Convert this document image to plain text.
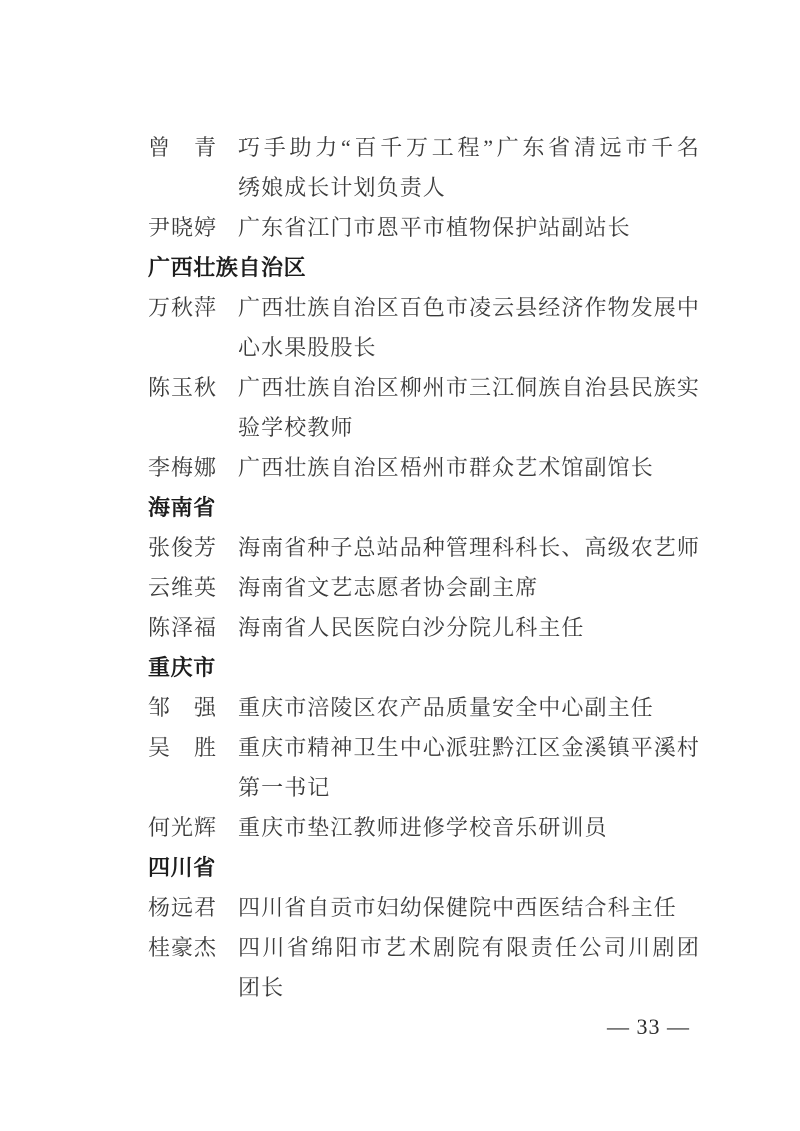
曾　青 巧手助力“百千万工程”广东省清远市千名
绣娘成长计划负责人
尹晓婷 广东省江门市恩平市植物保护站副站长
广西壮族自治区
万秋萍 广西壮族自治区百色市凌云县经济作物发展中
心水果股股长
陈玉秋 广西壮族自治区柳州市三江侗族自治县民族实
验学校教师
李梅娜 广西壮族自治区梧州市群众艺术馆副馆长
海南省
张俊芳 海南省种子总站品种管理科科长、高级农艺师
云维英 海南省文艺志愿者协会副主席
陈泽福 海南省人民医院白沙分院儿科主任
重庆市
邹　强 重庆市涪陵区农产品质量安全中心副主任
吴　胜 重庆市精神卫生中心派驻黔江区金溪镇平溪村
第一书记
何光辉 重庆市垫江教师进修学校音乐研训员
四川省
杨远君 四川省自贡市妇幼保健院中西医结合科主任
桂豪杰 四川省绵阳市艺术剧院有限责任公司川剧团
团长
— 33 —
